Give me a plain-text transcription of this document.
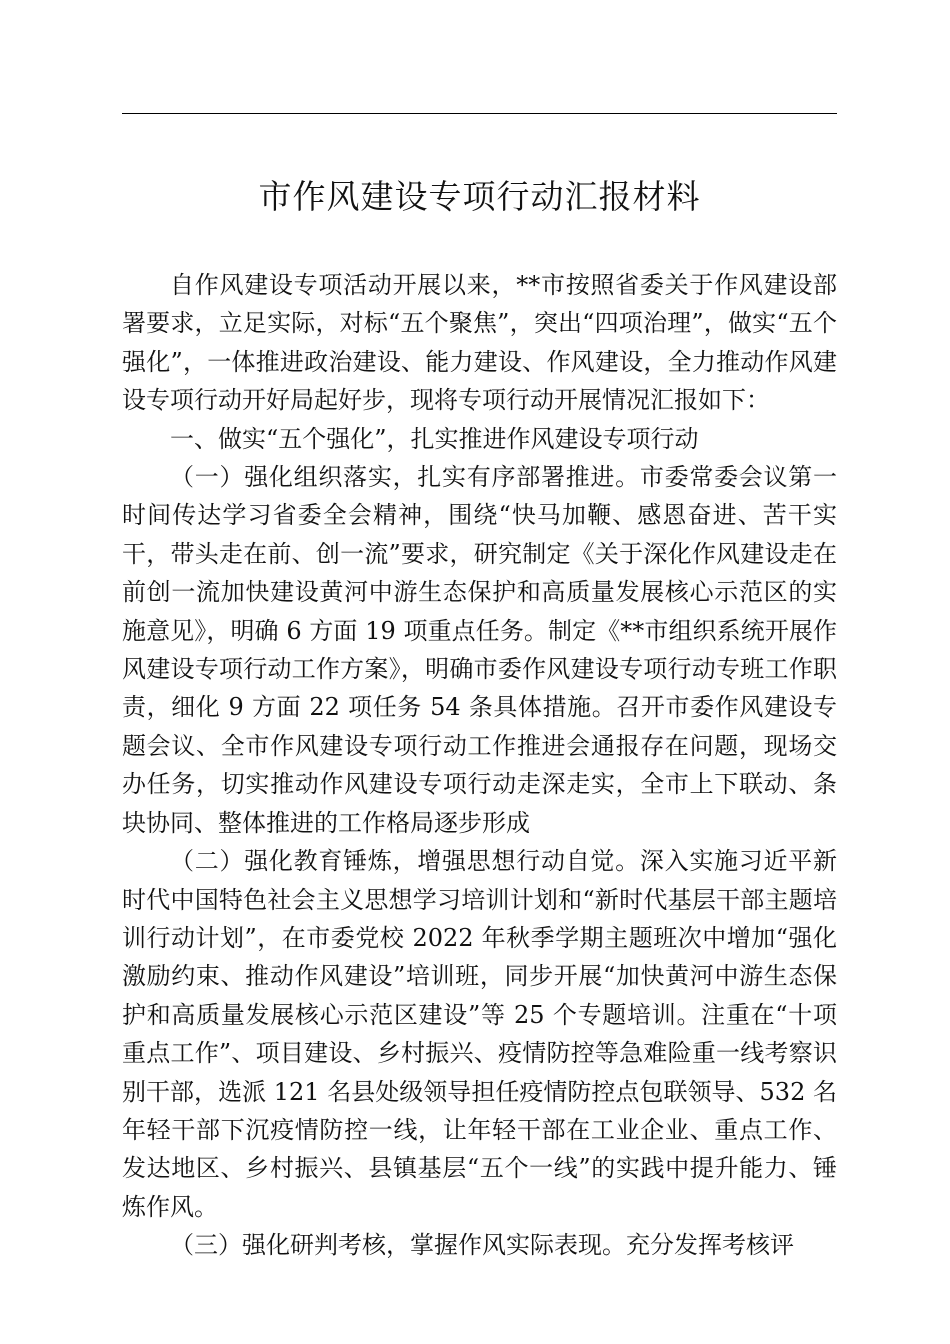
市作风建设专项行动汇报材料

自作风建设专项活动开展以来，**市按照省委关于作风建设部署要求，立足实际，对标“五个聚焦”，突出“四项治理”，做实“五个强化”，一体推进政治建设、能力建设、作风建设，全力推动作风建设专项行动开好局起好步，现将专项行动开展情况汇报如下：

一、做实“五个强化”，扎实推进作风建设专项行动

（一）强化组织落实，扎实有序部署推进。市委常委会议第一时间传达学习省委全会精神，围绕“快马加鞭、感恩奋进、苦干实干，带头走在前、创一流”要求，研究制定《关于深化作风建设走在前创一流加快建设黄河中游生态保护和高质量发展核心示范区的实施意见》，明确 6 方面 19 项重点任务。制定《**市组织系统开展作风建设专项行动工作方案》，明确市委作风建设专项行动专班工作职责，细化 9 方面 22 项任务 54 条具体措施。召开市委作风建设专题会议、全市作风建设专项行动工作推进会通报存在问题，现场交办任务，切实推动作风建设专项行动走深走实，全市上下联动、条块协同、整体推进的工作格局逐步形成

（二）强化教育锤炼，增强思想行动自觉。深入实施习近平新时代中国特色社会主义思想学习培训计划和“新时代基层干部主题培训行动计划”，在市委党校 2022 年秋季学期主题班次中增加“强化激励约束、推动作风建设”培训班，同步开展“加快黄河中游生态保护和高质量发展核心示范区建设”等 25 个专题培训。注重在“十项重点工作”、项目建设、乡村振兴、疫情防控等急难险重一线考察识别干部，选派 121 名县处级领导担任疫情防控点包联领导、532 名年轻干部下沉疫情防控一线，让年轻干部在工业企业、重点工作、发达地区、乡村振兴、县镇基层“五个一线”的实践中提升能力、锤炼作风。

（三）强化研判考核，掌握作风实际表现。充分发挥考核评
